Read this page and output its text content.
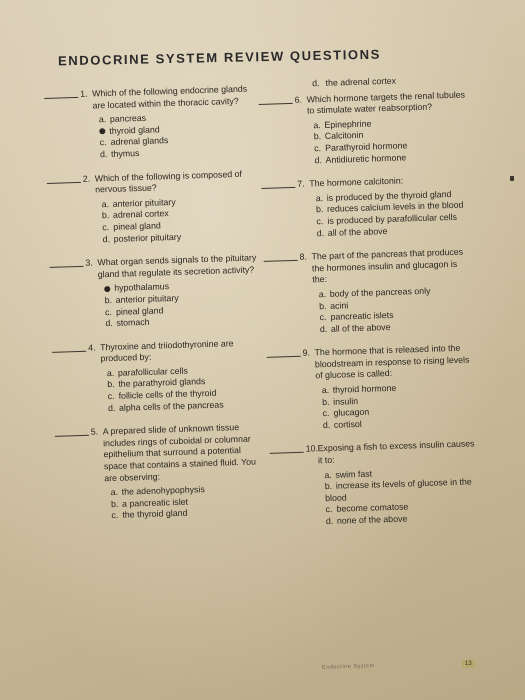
ENDOCRINE SYSTEM REVIEW QUESTIONS
1. Which of the following endocrine glands are located within the thoracic cavity?
a. pancreas
thyroid gland
c. adrenal glands
d. thymus
2. Which of the following is composed of nervous tissue?
a. anterior pituitary
b. adrenal cortex
c. pineal gland
d. posterior pituitary
3. What organ sends signals to the pituitary gland that regulate its secretion activity?
hypothalamus
b. anterior pituitary
c. pineal gland
d. stomach
4. Thyroxine and triiodothyronine are produced by:
a. parafollicular cells
b. the parathyroid glands
c. follicle cells of the thyroid
d. alpha cells of the pancreas
5. A prepared slide of unknown tissue includes rings of cuboidal or columnar epithelium that surround a potential space that contains a stained fluid. You are observing:
a. the adenohypophysis
b. a pancreatic islet
c. the thyroid gland
d. the adrenal cortex
6. Which hormone targets the renal tubules to stimulate water reabsorption?
a. Epinephrine
b. Calcitonin
c. Parathyroid hormone
d. Antidiuretic hormone
7. The hormone calcitonin:
a. is produced by the thyroid gland
b. reduces calcium levels in the blood
c. is produced by parafollicular cells
d. all of the above
8. The part of the pancreas that produces the hormones insulin and glucagon is the:
a. body of the pancreas only
b. acini
c. pancreatic islets
d. all of the above
9. The hormone that is released into the bloodstream in response to rising levels of glucose is called:
a. thyroid hormone
b. insulin
c. glucagon
d. cortisol
10. Exposing a fish to excess insulin causes it to:
a. swim fast
b. increase its levels of glucose in the blood
c. become comatose
d. none of the above
Endocrine System	13
